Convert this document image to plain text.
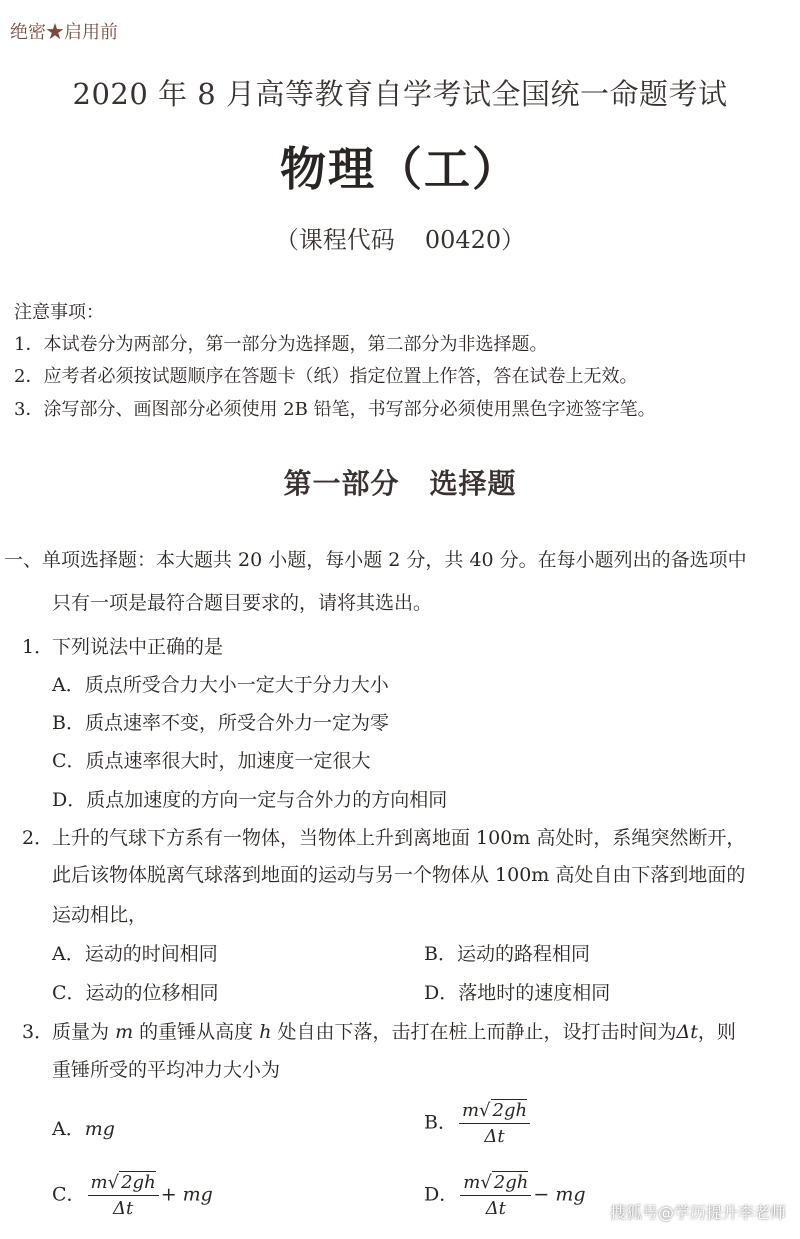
绝密★启用前
2020 年 8 月高等教育自学考试全国统一命题考试
物理（工）
（课程代码 00420）
注意事项：
1．本试卷分为两部分，第一部分为选择题，第二部分为非选择题。
2．应考者必须按试题顺序在答题卡（纸）指定位置上作答，答在试卷上无效。
3．涂写部分、画图部分必须使用 2B 铅笔，书写部分必须使用黑色字迹签字笔。
第一部分 选择题
一、单项选择题：本大题共 20 小题，每小题 2 分，共 40 分。在每小题列出的备选项中
只有一项是最符合题目要求的，请将其选出。
1．
下列说法中正确的是
A．质点所受合力大小一定大于分力大小
B．质点速率不变，所受合外力一定为零
C．质点速率很大时，加速度一定很大
D．质点加速度的方向一定与合外力的方向相同
2．
上升的气球下方系有一物体，当物体上升到离地面 100m 高处时，系绳突然断开，
此后该物体脱离气球落到地面的运动与另一个物体从 100m 高处自由下落到地面的
运动相比，
A．运动的时间相同	B．运动的路程相同
C．运动的位移相同	D．落地时的速度相同
3．
质量为 m 的重锤从高度 h 处自由下落，击打在桩上而静止，设打击时间为Δt，则
重锤所受的平均冲力大小为
A．mg	B． $\frac{m√ 2gh}{\Delta t}$
C． $\frac{m√ 2gh}{\Delta t}$ + mg	D． $\frac{m√ 2gh}{\Delta t}$ − mg
搜狐号@学历提升李老师
